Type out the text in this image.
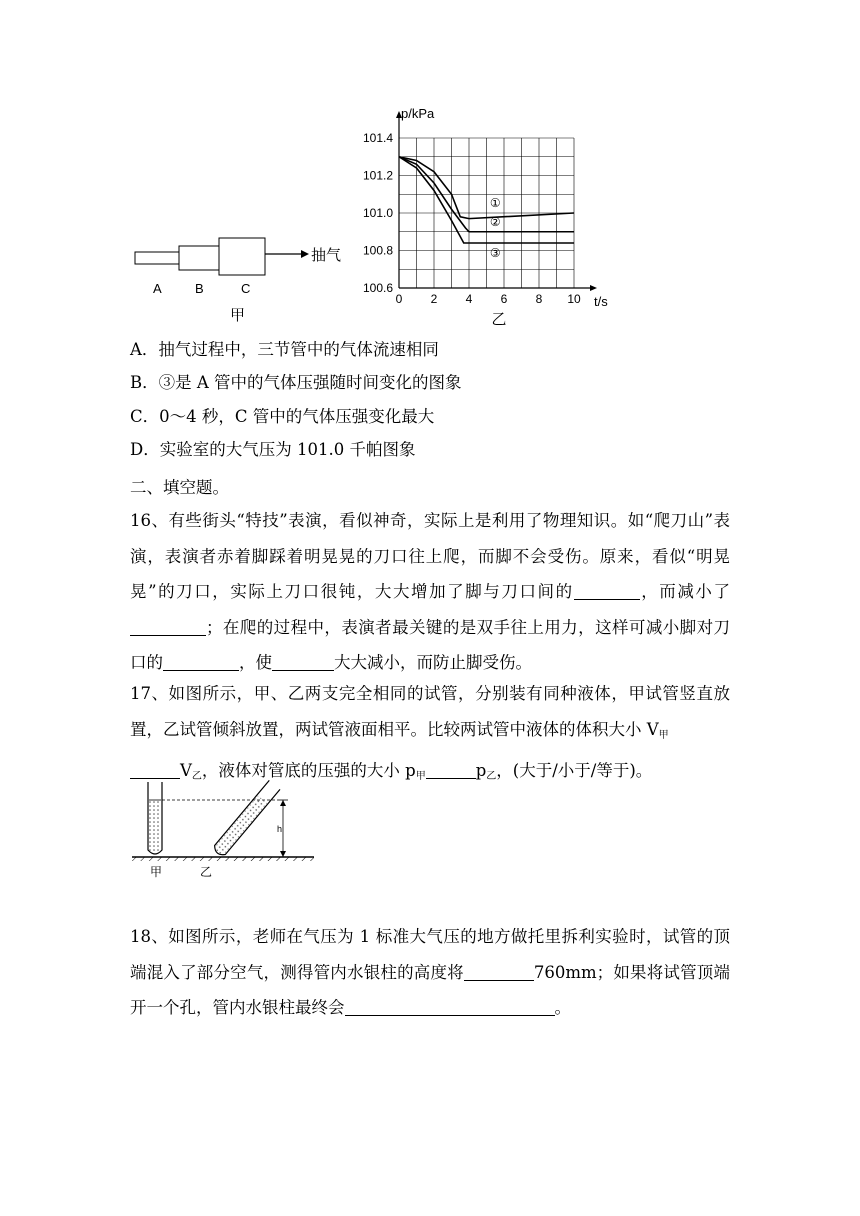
抽气
A	B	C
甲
p/kPa
t/s
0 2 4 6 8 10
101.4
101.2
101.0
100.8
100.6
①
②
③
乙
A．抽气过程中，三节管中的气体流速相同
B．③是 A 管中的气体压强随时间变化的图象
C．0～4 秒，C 管中的气体压强变化最大
D．实验室的大气压为 101.0 千帕图象
二、填空题。
16、有些街头“特技”表演，看似神奇，实际上是利用了物理知识。如“爬刀山”表演，表演者赤着脚踩着明晃晃的刀口往上爬，而脚不会受伤。原来，看似“明晃晃”的刀口，实际上刀口很钝，大大增加了脚与刀口间的	，而减小了；在爬的过程中，表演者最关键的是双手往上用力，这样可减小脚对刀口的	，使	大大减小，而防止脚受伤。
17、如图所示，甲、乙两支完全相同的试管，分别装有同种液体，甲试管竖直放置，乙试管倾斜放置，两试管液面相平。比较两试管中液体的体积大小 $V_甲$
$V_乙$，液体对管底的压强的大小 $p_甲$	$p_乙$，(大于/小于/等于)。
h
甲	乙
18、如图所示，老师在气压为 1 标准大气压的地方做托里拆利实验时，试管的顶端混入了部分空气，测得管内水银柱的高度将	760mm；如果将试管顶端开一个孔，管内水银柱最终会	。
